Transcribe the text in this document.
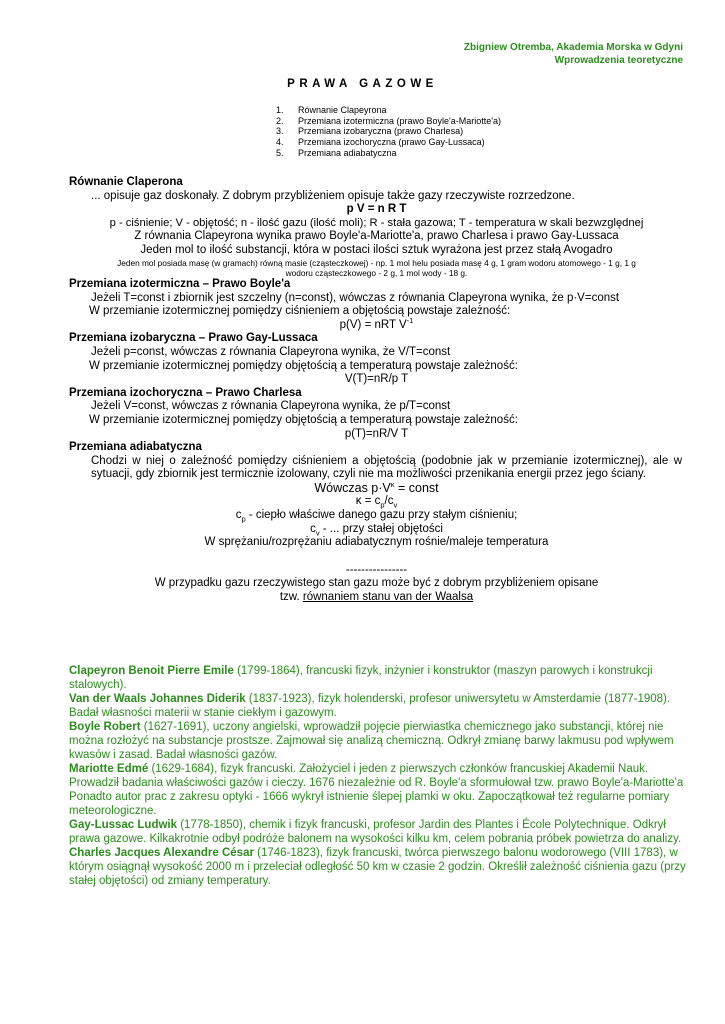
Zbigniew Otremba, Akademia Morska w Gdyni
Wprowadzenia teoretyczne
PRAWA GAZOWE
1.	Równanie Clapeyrona
2.	Przemiana izotermiczna (prawo Boyle'a-Mariotte'a)
3.	Przemiana izobaryczna (prawo Charlesa)
4.	Przemiana izochoryczna (prawo Gay-Lussaca)
5.	Przemiana adiabatyczna
Równanie Claperona
... opisuje gaz doskonały. Z dobrym przybliżeniem opisuje także gazy rzeczywiste rozrzedzone.
p V = n R T
p - ciśnienie; V - objętość; n - ilość gazu (ilość moli); R - stała gazowa; T - temperatura w skali bezwzględnej
Z równania Clapeyrona wynika prawo Boyle'a-Mariotte'a, prawo Charlesa i prawo Gay-Lussaca
Jeden mol to ilość substancji, która w postaci ilości sztuk wyrażona jest przez stałą Avogadro
Jeden mol posiada masę (w gramach) równą masie (cząsteczkowej) - np. 1 mol helu posiada masę 4 g, 1 gram wodoru atomowego - 1 g, 1 g
wodoru cząsteczkowego - 2 g, 1 mol wody - 18 g.
Przemiana izotermiczna – Prawo Boyle'a
Jeżeli T=const i zbiornik jest szczelny (n=const), wówczas z równania Clapeyrona wynika, że p·V=const
W przemianie izotermicznej pomiędzy ciśnieniem a objętością powstaje zależność:
p(V) = nRT $V^{-1}$
Przemiana izobaryczna – Prawo Gay-Lussaca
Jeżeli p=const, wówczas z równania Clapeyrona wynika, że V/T=const
W przemianie izotermicznej pomiędzy objętością a temperaturą powstaje zależność:
V(T)=nR/p T
Przemiana izochoryczna – Prawo Charlesa
Jeżeli V=const, wówczas z równania Clapeyrona wynika, że p/T=const
W przemianie izotermicznej pomiędzy objętością a temperaturą powstaje zależność:
p(T)=nR/V T
Przemiana adiabatyczna
Chodzi w niej o zależność pomiędzy ciśnieniem a objętością (podobnie jak w przemianie izotermicznej), ale w sytuacji, gdy zbiornik jest termicznie izolowany, czyli nie ma możliwości przenikania energii przez jego ściany.
Wówczas $p\cdot V^\kappa$ = const
$\kappa = c_p/c_v$
$c_p$ - ciepło właściwe danego gazu przy stałym ciśnieniu;
$c_v$ - ... przy stałej objętości
W sprężaniu/rozprężaniu adiabatycznym rośnie/maleje temperatura
----------------
W przypadku gazu rzeczywistego stan gazu może być z dobrym przybliżeniem opisane
tzw. równaniem stanu van der Waalsa

Clapeyron Benoit Pierre Emile (1799-1864), francuski fizyk, inżynier i konstruktor (maszyn parowych i konstrukcji stalowych).

Van der Waals Johannes Diderik (1837-1923), fizyk holenderski, profesor uniwersytetu w Amsterdamie (1877-1908). Badał własności materii w stanie ciekłym i gazowym.

Boyle Robert (1627-1691), uczony angielski, wprowadził pojęcie pierwiastka chemicznego jako substancji, której nie można rozłożyć na substancje prostsze. Zajmował się analizą chemiczną. Odkrył zmianę barwy lakmusu pod wpływem kwasów i zasad. Badał własności gazów.

Mariotte Edmé (1629-1684), fizyk francuski. Założyciel i jeden z pierwszych członków francuskiej Akademii Nauk. Prowadził badania właściwości gazów i cieczy. 1676 niezależnie od R. Boyle'a sformułował tzw. prawo Boyle'a-Mariotte'a Ponadto autor prac z zakresu optyki - 1666 wykrył istnienie ślepej plamki w oku. Zapoczątkował też regularne pomiary meteorologiczne.

Gay-Lussac Ludwik (1778-1850), chemik i fizyk francuski, profesor Jardin des Plantes i École Polytechnique. Odkrył prawa gazowe. Kilkakrotnie odbył podróże balonem na wysokości kilku km, celem pobrania próbek powietrza do analizy.

Charles Jacques Alexandre César (1746-1823), fizyk francuski, twórca pierwszego balonu wodorowego (VIII 1783), w którym osiągnął wysokość 2000 m i przeleciał odległość 50 km w czasie 2 godzin. Określił zależność ciśnienia gazu (przy stałej objętości) od zmiany temperatury.
